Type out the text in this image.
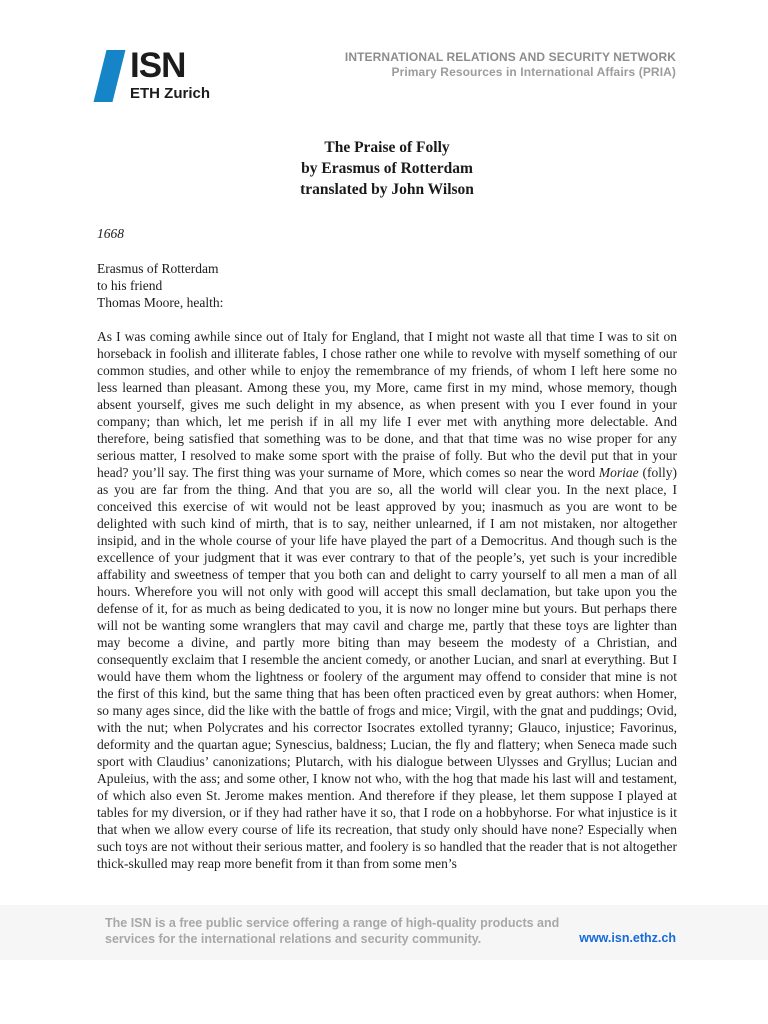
ISN
ETH Zurich
INTERNATIONAL RELATIONS AND SECURITY NETWORK
Primary Resources in International Affairs (PRIA)
The Praise of Folly
by Erasmus of Rotterdam
translated by John Wilson
1668
Erasmus of Rotterdam
to his friend
Thomas Moore, health:

As I was coming awhile since out of Italy for England, that I might not waste all that time I was to sit on horseback in foolish and illiterate fables, I chose rather one while to revolve with myself something of our common studies, and other while to enjoy the remembrance of my friends, of whom I left here some no less learned than pleasant. Among these you, my More, came first in my mind, whose memory, though absent yourself, gives me such delight in my absence, as when present with you I ever found in your company; than which, let me perish if in all my life I ever met with anything more delectable. And therefore, being satisfied that something was to be done, and that that time was no wise proper for any serious matter, I resolved to make some sport with the praise of folly. But who the devil put that in your head? you’ll say. The first thing was your surname of More, which comes so near the word Moriae (folly) as you are far from the thing. And that you are so, all the world will clear you. In the next place, I conceived this exercise of wit would not be least approved by you; inasmuch as you are wont to be delighted with such kind of mirth, that is to say, neither unlearned, if I am not mistaken, nor altogether insipid, and in the whole course of your life have played the part of a Democritus. And though such is the excellence of your judgment that it was ever contrary to that of the people’s, yet such is your incredible affability and sweetness of temper that you both can and delight to carry yourself to all men a man of all hours. Wherefore you will not only with good will accept this small declamation, but take upon you the defense of it, for as much as being dedicated to you, it is now no longer mine but yours. But perhaps there will not be wanting some wranglers that may cavil and charge me, partly that these toys are lighter than may become a divine, and partly more biting than may beseem the modesty of a Christian, and consequently exclaim that I resemble the ancient comedy, or another Lucian, and snarl at everything. But I would have them whom the lightness or foolery of the argument may offend to consider that mine is not the first of this kind, but the same thing that has been often practiced even by great authors: when Homer, so many ages since, did the like with the battle of frogs and mice; Virgil, with the gnat and puddings; Ovid, with the nut; when Polycrates and his corrector Isocrates extolled tyranny; Glauco, injustice; Favorinus, deformity and the quartan ague; Synescius, baldness; Lucian, the fly and flattery; when Seneca made such sport with Claudius’ canonizations; Plutarch, with his dialogue between Ulysses and Gryllus; Lucian and Apuleius, with the ass; and some other, I know not who, with the hog that made his last will and testament, of which also even St. Jerome makes mention. And therefore if they please, let them suppose I played at tables for my diversion, or if they had rather have it so, that I rode on a hobbyhorse. For what injustice is it that when we allow every course of life its recreation, that study only should have none? Especially when such toys are not without their serious matter, and foolery is so handled that the reader that is not altogether thick-skulled may reap more benefit from it than from some men’s

The ISN is a free public service offering a range of high-quality products and services for the international relations and security community.	www.isn.ethz.ch
